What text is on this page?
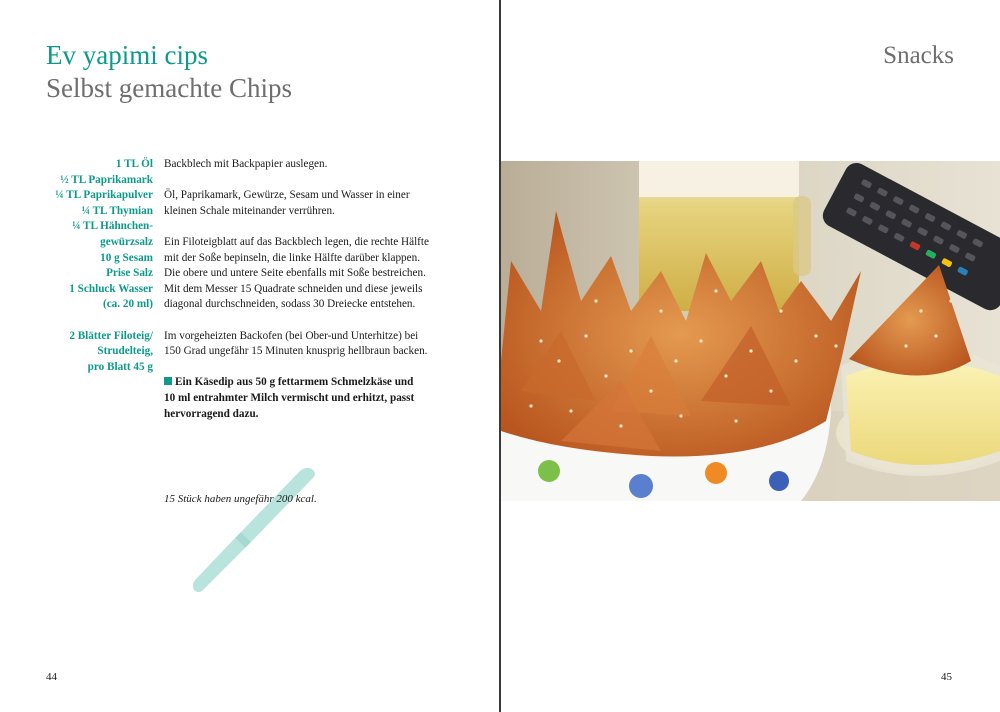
Ev yapimi cips
Selbst gemachte Chips
1 TL Öl
½ TL Paprikamark
¼ TL Paprikapulver
¼ TL Thymian
¼ TL Hähnchen-
gewürzsalz
10 g Sesam
Prise Salz
1 Schluck Wasser
(ca. 20 ml)
2 Blätter Filoteig/
Strudelteig,
pro Blatt 45 g
Backblech mit Backpapier auslegen.
Öl, Paprikamark, Gewürze, Sesam und Wasser in einer
kleinen Schale miteinander verrühren.
Ein Filoteigblatt auf das Backblech legen, die rechte Hälfte
mit der Soße bepinseln, die linke Hälfte darüber klappen.
Die obere und untere Seite ebenfalls mit Soße bestreichen.
Mit dem Messer 15 Quadrate schneiden und diese jeweils
diagonal durchschneiden, sodass 30 Dreiecke entstehen.
Im vorgeheizten Backofen (bei Ober-und Unterhitze) bei
150 Grad ungefähr 15 Minuten knusprig hellbraun backen.
Ein Käsedip aus 50 g fettarmem Schmelzkäse und
10 ml entrahmter Milch vermischt und erhitzt, passt
hervorragend dazu.
15 Stück haben ungefähr 200 kcal.
44
Snacks
45
